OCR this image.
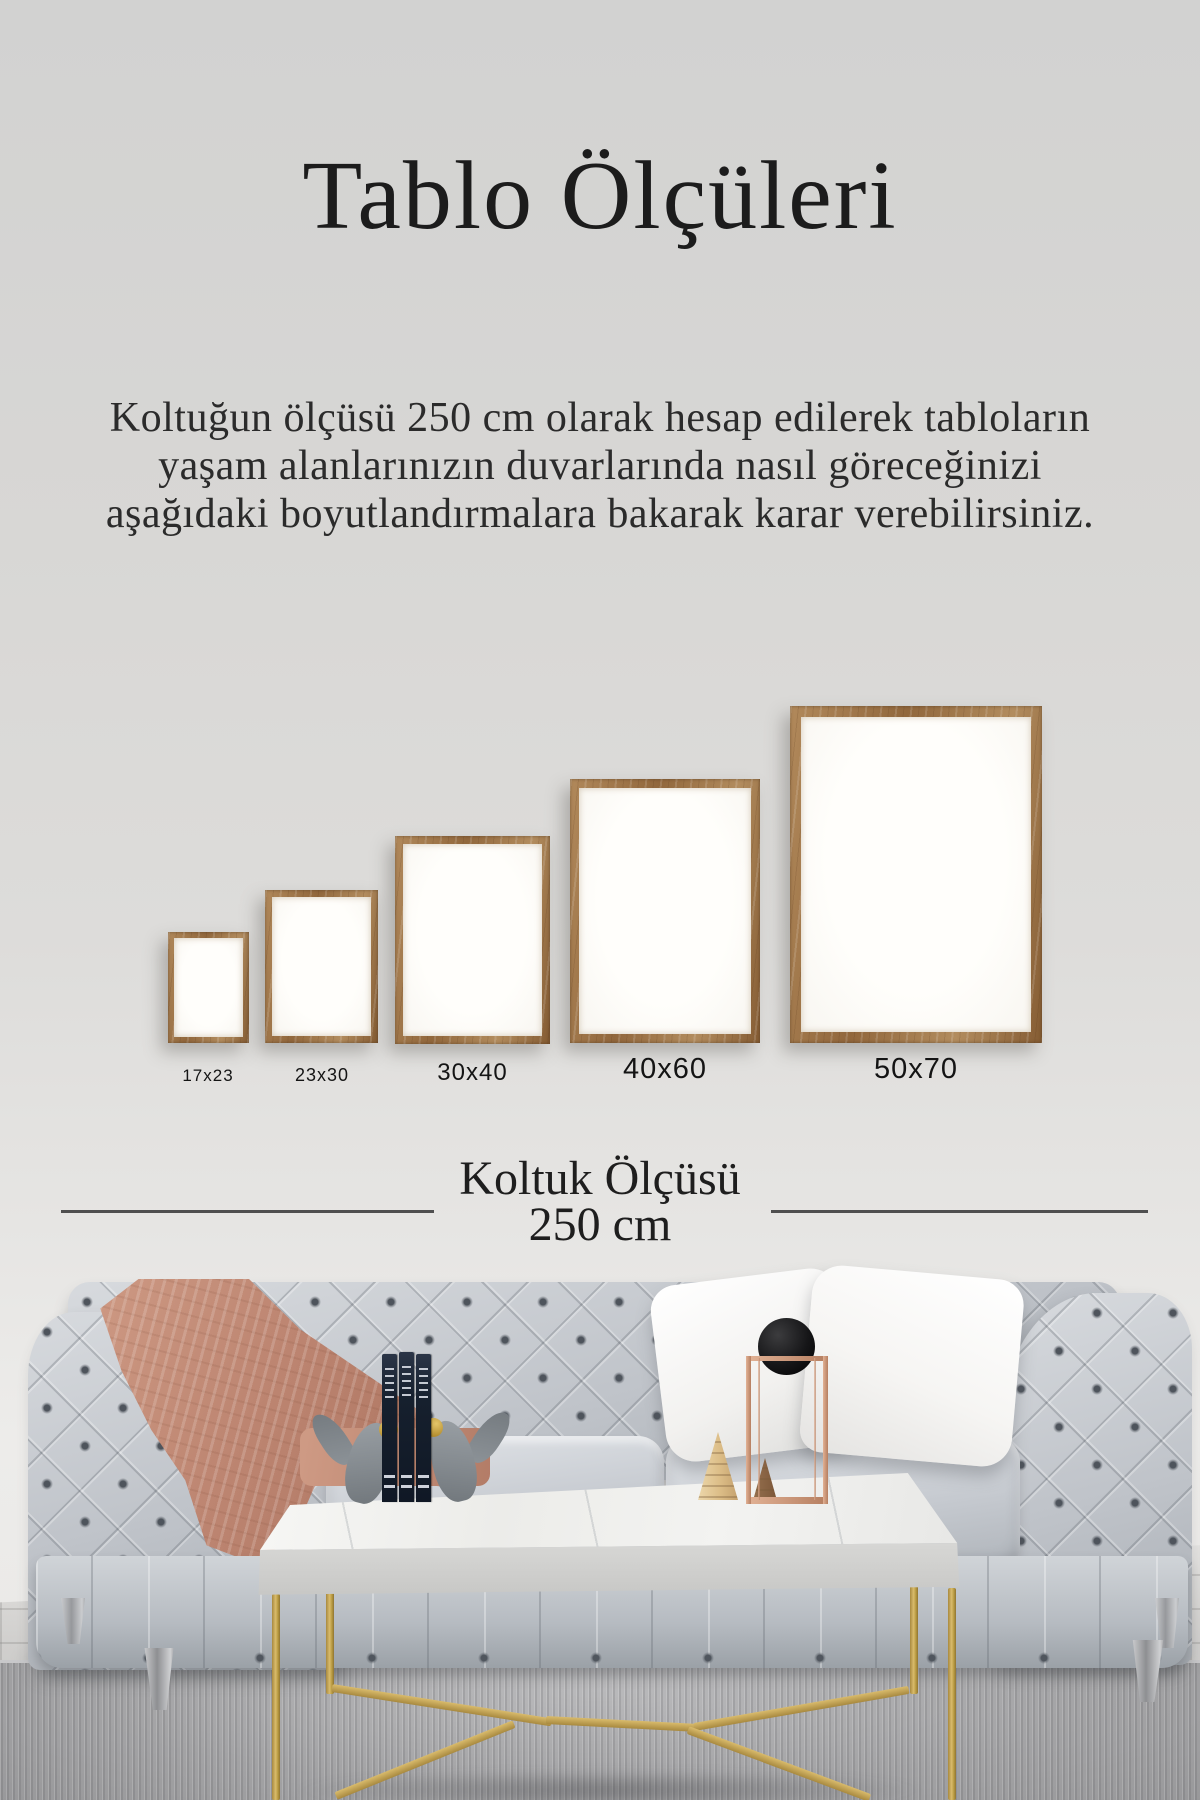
Tablo Ölçüleri
Koltuğun ölçüsü 250 cm olarak hesap edilerek tabloların
yaşam alanlarınızın duvarlarında nasıl göreceğinizi
aşağıdaki boyutlandırmalara bakarak karar verebilirsiniz.
17x23	23x30	30x40	40x60	50x70
Koltuk Ölçüsü
250 cm
